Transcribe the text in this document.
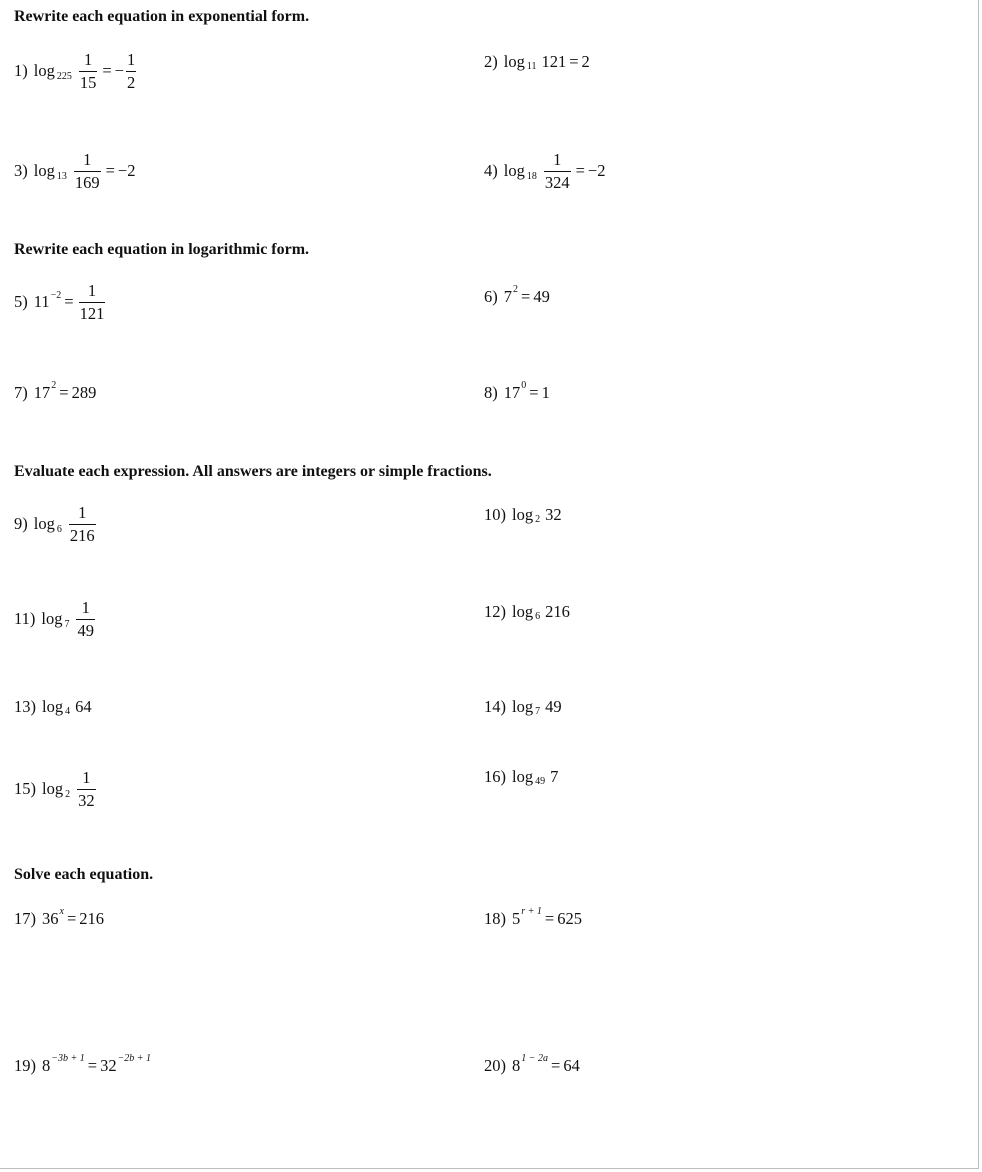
Rewrite each equation in exponential form.
1) $\log 225 \frac{1}{15}$ = − $\frac{1}{2}$	2) log 11 121 = 2
3) $\log 13 \frac{1}{169} = -2$	4) $\log 18 \frac{1}{324} = -2$
Rewrite each equation in logarithmic form.
5) $11 -2 = \frac{1}{121}$	6) 7 2 = 49
7) 17 2 = 289	8) 17 0 = 1
Evaluate each expression. All answers are integers or simple fractions.
9) $\log 6 \frac{1}{216}$	10) log 2 32
11) $\log 7 \frac{1}{49}$	12) log 6 216
13) log 4 64	14) log 7 49
15) $\log 2 \frac{1}{32}$	16) log 49 7
Solve each equation.
17) 36 x = 216	18) 5 r + 1 = 625
19) 8 −3b + 1 = 32 −2b + 1	20) 8 1 − 2a = 64
